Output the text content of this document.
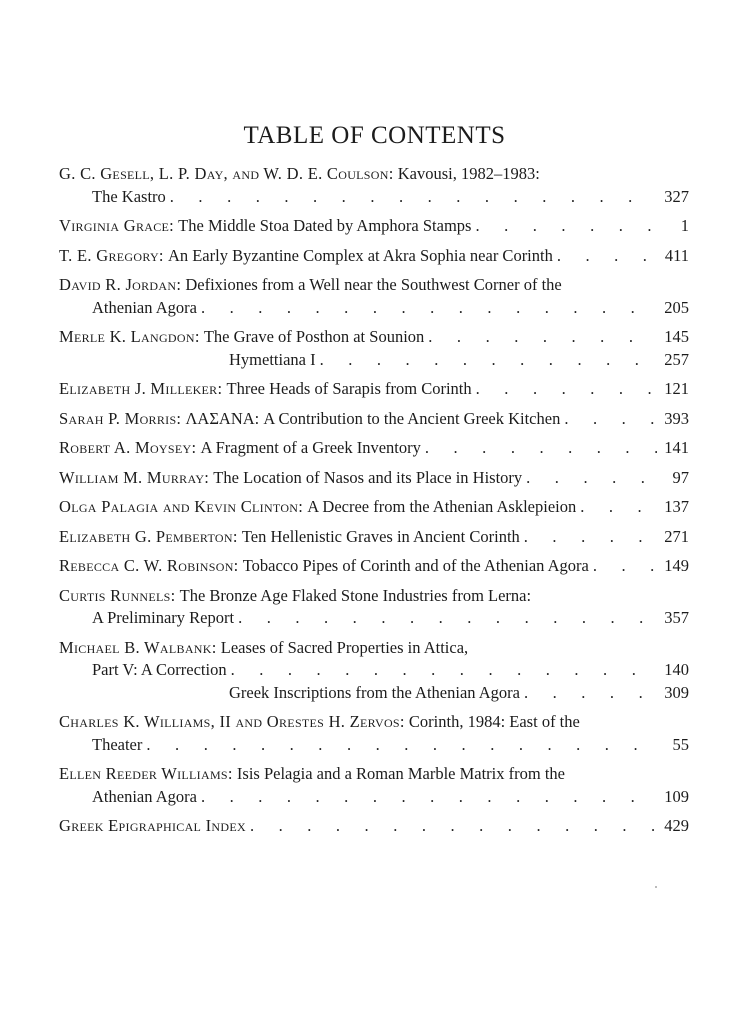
TABLE OF CONTENTS
G. C. Gesell, L. P. Day, and W. D. E. Coulson:
Kavousi, 1982–1983:
The Kastro . . .	327
Virginia Grace:
The Middle Stoa Dated by Amphora Stamps . . .	1
T. E. Gregory:
An Early Byzantine Complex at Akra Sophia near Corinth . . .	411
David R. Jordan:
Defixiones from a Well near the Southwest Corner of the
Athenian Agora . . .	205
Merle K. Langdon:
The Grave of Posthon at Sounion . . .	145
Hymettiana I . . .	257
Elizabeth J. Milleker:
Three Heads of Sarapis from Corinth . . .	121
Sarah P. Morris:
ΛΑΣΑΝΑ: A Contribution to the Ancient Greek Kitchen . . .	393
Robert A. Moysey:
A Fragment of a Greek Inventory . . .	141
William M. Murray:
The Location of Nasos and its Place in History . . .	97
Olga Palagia and Kevin Clinton:
A Decree from the Athenian Asklepieion . . .	137
Elizabeth G. Pemberton:
Ten Hellenistic Graves in Ancient Corinth . . .	271
Rebecca C. W. Robinson:
Tobacco Pipes of Corinth and of the Athenian Agora . . .	149
Curtis Runnels:
The Bronze Age Flaked Stone Industries from Lerna:
A Preliminary Report . . .	357
Michael B. Walbank:
Leases of Sacred Properties in Attica,
Part V: A Correction . . .	140
Greek Inscriptions from the Athenian Agora . . .	309
Charles K. Williams, II and Orestes H. Zervos:
Corinth, 1984: East of the
Theater . . .	55
Ellen Reeder Williams:
Isis Pelagia and a Roman Marble Matrix from the
Athenian Agora . . .	109
Greek Epigraphical Index . . .	429
